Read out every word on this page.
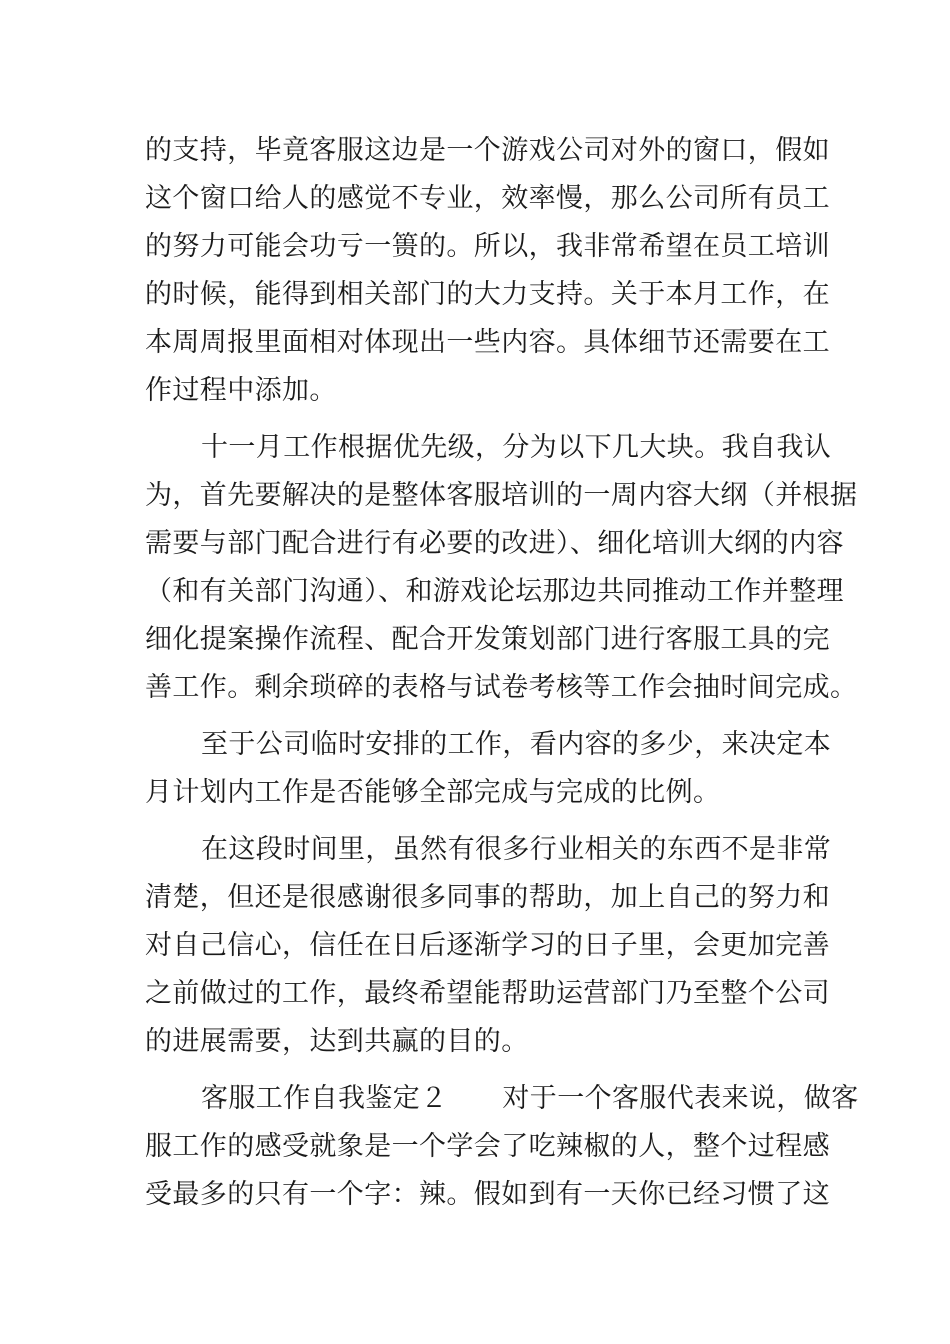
的支持，毕竟客服这边是一个游戏公司对外的窗口，假如
这个窗口给人的感觉不专业，效率慢，那么公司所有员工
的努力可能会功亏一篑的。所以，我非常希望在员工培训
的时候，能得到相关部门的大力支持。关于本月工作，在
本周周报里面相对体现出一些内容。具体细节还需要在工
作过程中添加。
十一月工作根据优先级，分为以下几大块。我自我认
为，首先要解决的是整体客服培训的一周内容大纲（并根据
需要与部门配合进行有必要的改进）、细化培训大纲的内容
（和有关部门沟通）、和游戏论坛那边共同推动工作并整理
细化提案操作流程、配合开发策划部门进行客服工具的完
善工作。剩余琐碎的表格与试卷考核等工作会抽时间完成。
至于公司临时安排的工作，看内容的多少，来决定本
月计划内工作是否能够全部完成与完成的比例。
在这段时间里，虽然有很多行业相关的东西不是非常
清楚，但还是很感谢很多同事的帮助，加上自己的努力和
对自己信心，信任在日后逐渐学习的日子里，会更加完善
之前做过的工作，最终希望能帮助运营部门乃至整个公司
的进展需要，达到共赢的目的。
客服工作自我鉴定２　　对于一个客服代表来说，做客
服工作的感受就象是一个学会了吃辣椒的人，整个过程感
受最多的只有一个字：辣。假如到有一天你已经习惯了这
